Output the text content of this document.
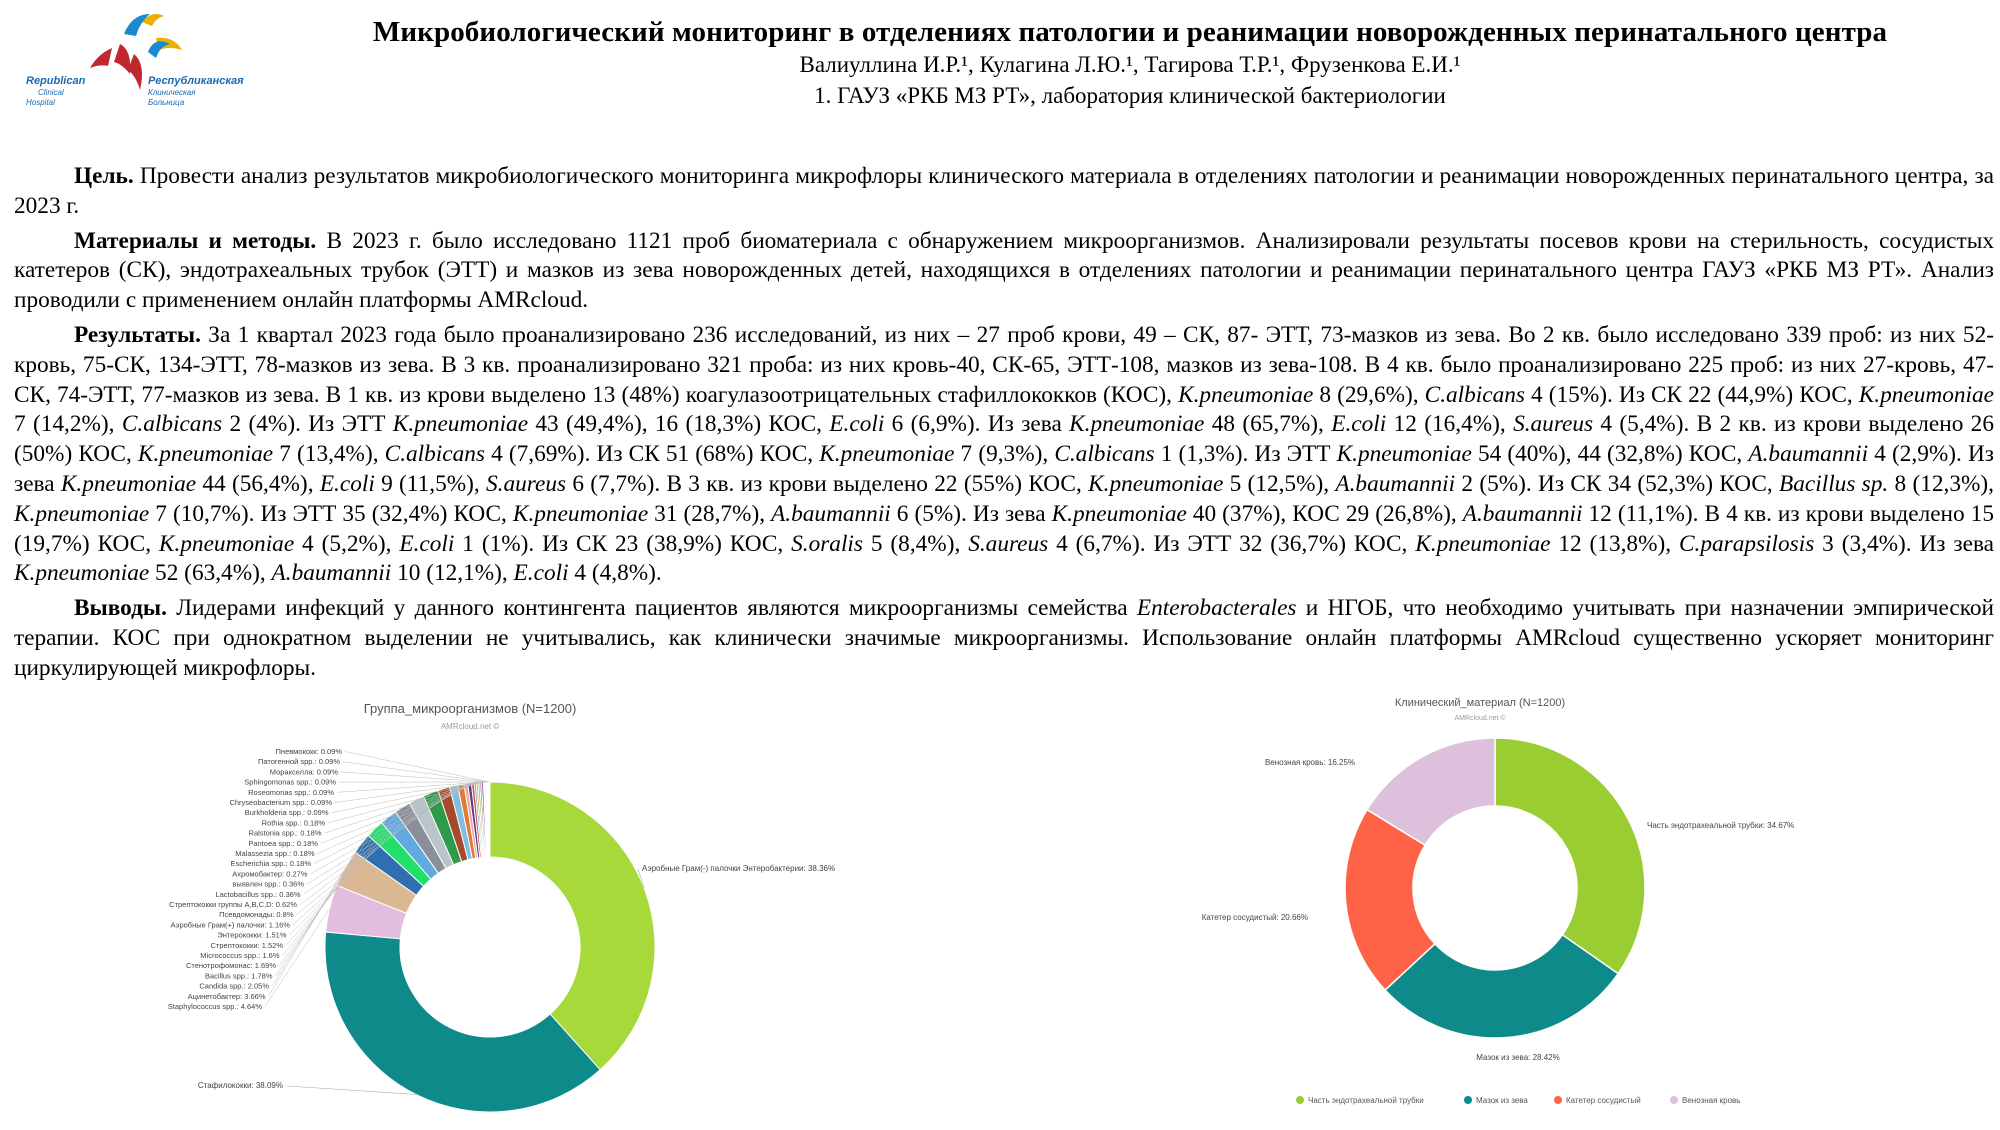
Republican
Clinical
Hospital
Республиканская
Клиническая
Больница
Микробиологический мониторинг в отделениях патологии и реанимации новорожденных перинатального центра
Валиуллина И.Р.¹, Кулагина Л.Ю.¹, Тагирова Т.Р.¹, Фрузенкова Е.И.¹
1. ГАУЗ «РКБ МЗ РТ», лаборатория клинической бактериологии

Цель. Провести анализ результатов микробиологического мониторинга микрофлоры клинического материала в отделениях патологии и реанимации новорожденных перинатального центра, за 2023 г.

Материалы и методы. В 2023 г. было исследовано 1121 проб биоматериала с обнаружением микроорганизмов. Анализировали результаты посевов крови на стерильность, сосудистых катетеров (СК), эндотрахеальных трубок (ЭТТ) и мазков из зева новорожденных детей, находящихся в отделениях патологии и реанимации перинатального центра ГАУЗ «РКБ МЗ РТ». Анализ проводили с применением онлайн платформы AMRcloud.

Результаты. За 1 квартал 2023 года было проанализировано 236 исследований, из них – 27 проб крови, 49 – СК, 87- ЭТТ, 73-мазков из зева. Во 2 кв. было исследовано 339 проб: из них 52-кровь, 75-СК, 134-ЭТТ, 78-мазков из зева. В 3 кв. проанализировано 321 проба: из них кровь-40, СК-65, ЭТТ-108, мазков из зева-108. В 4 кв. было проанализировано 225 проб: из них 27-кровь, 47-СК, 74-ЭТТ, 77-мазков из зева. В 1 кв. из крови выделено 13 (48%) коагулазоотрицательных стафиллококков (КОС), K.pneumoniae 8 (29,6%), C.albicans 4 (15%). Из СК 22 (44,9%) КОС, K.pneumoniae 7 (14,2%), C.albicans 2 (4%). Из ЭТТ K.pneumoniae 43 (49,4%), 16 (18,3%) КОС, E.coli 6 (6,9%). Из зева K.pneumoniae 48 (65,7%), E.coli 12 (16,4%), S.aureus 4 (5,4%). В 2 кв. из крови выделено 26 (50%) КОС, K.pneumoniae 7 (13,4%), C.albicans 4 (7,69%). Из СК 51 (68%) КОС, K.pneumoniae 7 (9,3%), C.albicans 1 (1,3%). Из ЭТТ K.pneumoniae 54 (40%), 44 (32,8%) КОС, A.baumannii 4 (2,9%). Из зева K.pneumoniae 44 (56,4%), E.coli 9 (11,5%), S.aureus 6 (7,7%). В 3 кв. из крови выделено 22 (55%) КОС, K.pneumoniae 5 (12,5%), A.baumannii 2 (5%). Из СК 34 (52,3%) КОС, Bacillus sp. 8 (12,3%), K.pneumoniae 7 (10,7%). Из ЭТТ 35 (32,4%) КОС, K.pneumoniae 31 (28,7%), A.baumannii 6 (5%). Из зева K.pneumoniae 40 (37%), КОС 29 (26,8%), A.baumannii 12 (11,1%). В 4 кв. из крови выделено 15 (19,7%) КОС, K.pneumoniae 4 (5,2%), E.coli 1 (1%). Из СК 23 (38,9%) КОС, S.oralis 5 (8,4%), S.aureus 4 (6,7%). Из ЭТТ 32 (36,7%) КОС, K.pneumoniae 12 (13,8%), C.parapsilosis 3 (3,4%). Из зева K.pneumoniae 52 (63,4%), A.baumannii 10 (12,1%), E.coli 4 (4,8%).

Выводы. Лидерами инфекций у данного контингента пациентов являются микроорганизмы семейства Enterobacterales и НГОБ, что необходимо учитывать при назначении эмпирической терапии. КОС при однократном выделении не учитывались, как клинически значимые микроорганизмы. Использование онлайн платформы AMRcloud существенно ускоряет мониторинг циркулирующей микрофлоры.

Группа_микроорганизмов (N=1200)
AMRcloud.net ©
Аэробные Грам(-) палочки Энтеробактерии: 38.36%
Стафилококки: 38.09%
Staphylococcus spp.: 4.64%
Ацинетобактер: 3.66%
Candida spp.: 2.05%
Bacillus spp.: 1.78%
Стенотрофомонас: 1.69%
Micrococcus spp.: 1.6%
Стрептококки: 1.52%
Энтерококки: 1.51%
Аэробные Грам(+) палочки: 1.16%
Псевдомонады: 0.8%
Стрептококки группы A,B,C,D: 0.62%
Lactobacillus spp.: 0.36%
выявлен spp.: 0.36%
Ахромобактер: 0.27%
Escherichia spp.: 0.18%
Malassezia spp.: 0.18%
Pantoea spp.: 0.18%
Ralstonia spp.: 0.18%
Rothia spp.: 0.18%
Burkholderia spp.: 0.09%
Chryseobacterium spp.: 0.09%
Roseomonas spp.: 0.09%
Sphingomonas spp.: 0.09%
Моракселла: 0.09%
Патогенной spp.: 0.09%
Пневмококк: 0.09%
Клинический_материал (N=1200)
AMRcloud.net ©
Часть эндотрахеальной трубки: 34.67%
Мазок из зева: 28.42%
Катетер сосудистый: 20.66%
Венозная кровь: 16.25%
Часть эндотрахеальной трубки	Мазок из зева	Катетер сосудистый	Венозная кровь
